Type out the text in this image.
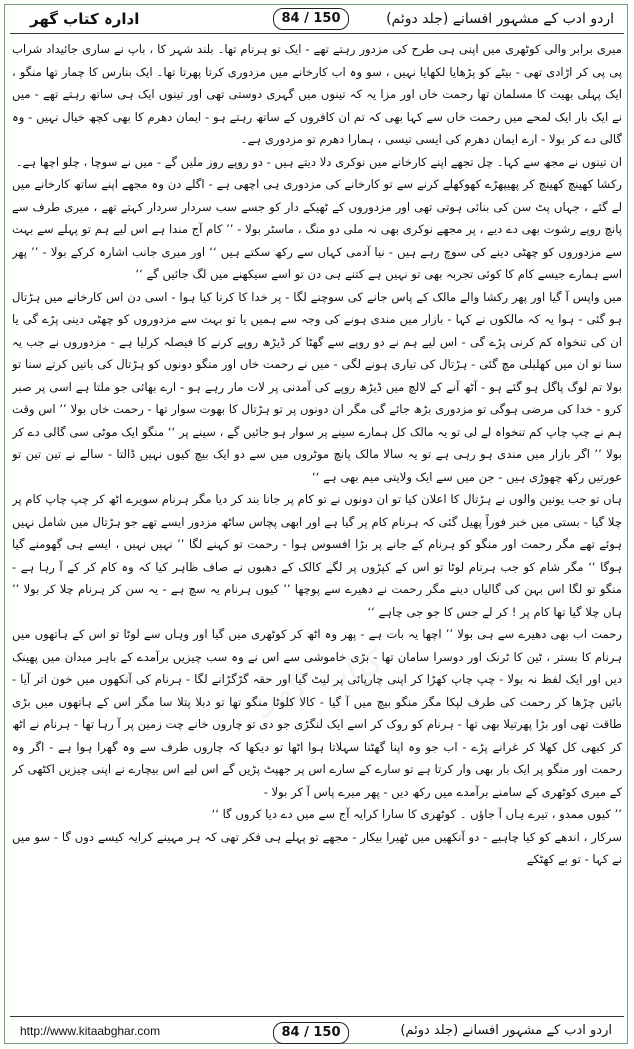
ادارہ کتاب گھر	84 / 150	اردو ادب کے مشہور افسانے (جلد دوئم)

میری برابر والی کوٹھری میں اپنی ہی طرح کی مزدور رہتے تھے - ایک تو ہرنام تھا۔ بلند شہر کا ، باپ نے ساری جائیداد شراب پی پی کر اڑادی تھی - بیٹے کو پڑھایا لکھایا نہیں ، سو وہ اب کارخانے میں مزدوری کرتا پھرتا تھا۔ ایک بنارس کا چمار تھا منگو ، ایک پہلی بھیت کا مسلمان تھا رحمت خاں اور مزا یہ کہ تینوں میں گہری دوستی تھی اور تینوں ایک ہی ساتھ رہتے تھے - میں نے ایک بار ایک لمحے میں رحمت خاں سے کہا بھی کہ تم ان کافروں کے ساتھ رہتے ہو - ایمان دھرم کا بھی کچھ خیال نہیں - وہ گالی دے کر بولا - ارے ایمان دھرم کی ایسی تیسی ، ہمارا دھرم تو مزدوری ہے۔

ان تینوں نے مجھ سے کہا۔ چل تجھے اپنے کارخانے میں نوکری دلا دیتے ہیں - دو روپے روز ملیں گے - میں نے سوچا ، چلو اچھا ہے۔

رکشا کھینچ کھینچ کر پھیپھڑے کھوکھلے کرنے سے تو کارخانے کی مزدوری ہی اچھی ہے - اگلے دن وہ مجھے اپنے ساتھ کارخانے میں لے گئے ، جہاں پٹ سن کی بنائی ہوتی تھی اور مزدوروں کے ٹھیکے دار کو جسے سب سردار سردار کہتے تھے ، میری طرف سے پانچ روپے رشوت بھی دے دیے ، پر مجھے نوکری بھی نہ ملی دو منگ ، ماسٹر بولا - ’’ کام آج مندا ہے اس لیے ہم تو پہلے سے بہت سے مزدوروں کو چھٹی دینے کی سوچ رہے ہیں - نیا آدمی کہاں سے رکھ سکتے ہیں ‘‘ اور میری جانب اشارہ کرکے بولا - ’’ پھر اسے ہمارے جیسے کام کا کوئی تجربہ بھی تو نہیں ہے کتنے ہی دن تو اسے سیکھنے میں لگ جائیں گے ‘‘

میں واپس آ گیا اور پھر رکشا والے مالک کے پاس جانے کی سوچنے لگا - پر خدا کا کرنا کیا ہوا - اسی دن اس کارخانے میں ہڑتال ہو گئی - ہوا یہ کہ مالکوں نے کہا - بازار میں مندی ہونے کی وجہ سے ہمیں یا تو بہت سے مزدوروں کو چھٹی دینی پڑے گی یا ان کی تنخواہ کم کرنی پڑے گی - اس لیے ہم نے دو روپے سے گھٹا کر ڈیڑھ روپے کرنے کا فیصلہ کرلیا ہے - مزدوروں نے جب یہ سنا تو ان میں کھلبلی مچ گئی - ہڑتال کی تیاری ہونے لگی - میں نے رحمت خاں اور منگو دونوں کو ہڑتال کی باتیں کرتے سنا تو بولا تم لوگ پاگل ہو گئے ہو - آٹھ آنے کے لالچ میں ڈیڑھ روپے کی آمدنی پر لات مار رہے ہو - ارے بھائی جو ملتا ہے اسی پر صبر کرو - خدا کی مرضی ہوگی تو مزدوری بڑھ جائے گی مگر ان دونوں پر تو ہڑتال کا بھوت سوار تھا - رحمت خاں بولا ’’ اس وقت ہم نے چپ چاپ کم تنخواہ لے لی تو یہ مالک کل ہمارے سینے پر سوار ہو جائیں گے ، سینے پر ‘‘ منگو ایک موٹی سی گالی دے کر بولا ’’ اگر بازار میں مندی ہو رہی ہے تو یہ سالا مالک پانچ موٹروں میں سے دو ایک بیچ کیوں نہیں ڈالتا - سالے نے تین تین تو عورتیں رکھ چھوڑی ہیں - جن میں سے ایک ولایتی میم بھی ہے ‘‘

ہاں تو جب یونین والوں نے ہڑتال کا اعلان کیا تو ان دونوں نے تو کام پر جانا بند کر دیا مگر ہرنام سویرے اٹھ کر چپ چاپ کام پر چلا گیا - بستی میں خبر فوراً پھیل گئی کہ ہرنام کام پر گیا ہے اور ابھی پچاس ساٹھ مزدور ایسے تھے جو ہڑتال میں شامل نہیں ہوئے تھے مگر رحمت اور منگو کو ہرنام کے جانے پر بڑا افسوس ہوا - رحمت تو کہنے لگا ’’ نہیں نہیں ، ایسے ہی گھومنے گیا ہوگا ‘‘ مگر شام کو جب ہرنام لوٹا تو اس کے کپڑوں پر لگے کالک کے دھبوں نے صاف ظاہر کیا کہ وہ کام کر کے آ رہا ہے - منگو تو لگا اس بہن کی گالیاں دینے مگر رحمت نے دھیرے سے پوچھا ’’ کیوں ہرنام یہ سچ ہے - یہ سن کر ہرنام چلا کر بولا ’’ ہاں چلا گیا تھا کام پر ! کر لے جس کا جو جی چاہے ‘‘

رحمت اب بھی دھیرے سے ہی بولا ’’ اچھا یہ بات ہے - پھر وہ اٹھ کر کوٹھری میں گیا اور وہاں سے لوٹا تو اس کے ہاتھوں میں ہرنام کا بستر ، ٹین کا ٹرنک اور دوسرا سامان تھا - بڑی خاموشی سے اس نے وہ سب چیزیں برآمدے کے باہر میدان میں پھینک دیں اور ایک لفظ نہ بولا - چپ چاپ کھڑا کر اپنی چارپائی پر لیٹ گیا اور حقہ گڑگڑانے لگا - ہرنام کی آنکھوں میں خون اتر آیا - بائیں چڑھا کر رحمت کی طرف لپکا مگر منگو بیچ میں آ گیا - کالا کلوٹا منگو تھا تو دبلا پتلا سا مگر اس کے ہاتھوں میں بڑی طاقت تھی اور بڑا پھرتیلا بھی تھا - ہرنام کو روک کر اسے ایک لنگڑی جو دی تو چاروں خانے چت زمین پر آ رہا تھا - ہرنام نے اٹھ کر کبھی کل کھلا کر غرانے پڑے - اب جو وہ اپنا گھٹنا سہلاتا ہوا اٹھا تو دیکھا کہ چاروں طرف سے وہ گھرا ہوا ہے - اگر وہ رحمت اور منگو پر ایک بار بھی وار کرتا ہے تو سارے کے سارے اس پر جھپٹ پڑیں گے اس لیے اس بیچارے نے اپنی چیزیں اکٹھی کر کے میری کوٹھری کے سامنے برآمدے میں رکھ دیں - پھر میرے پاس آ کر بولا -

’’ کیوں ممدو ، تیرے ہاں آ جاؤں ۔ کوٹھری کا سارا کرایہ آج سے میں دے دیا کروں گا ‘‘

سرکار ، اندھے کو کیا چاہیے - دو آنکھیں میں ٹھیرا بیکار - مجھے تو پہلے ہی فکر تھی کہ ہر مہینے کرایہ کیسے دوں گا - سو میں نے کہا - تو بے کھٹکے

کتاب گھر
http://www.kitaabghar.com	84 / 150	اردو ادب کے مشہور افسانے (جلد دوئم)
